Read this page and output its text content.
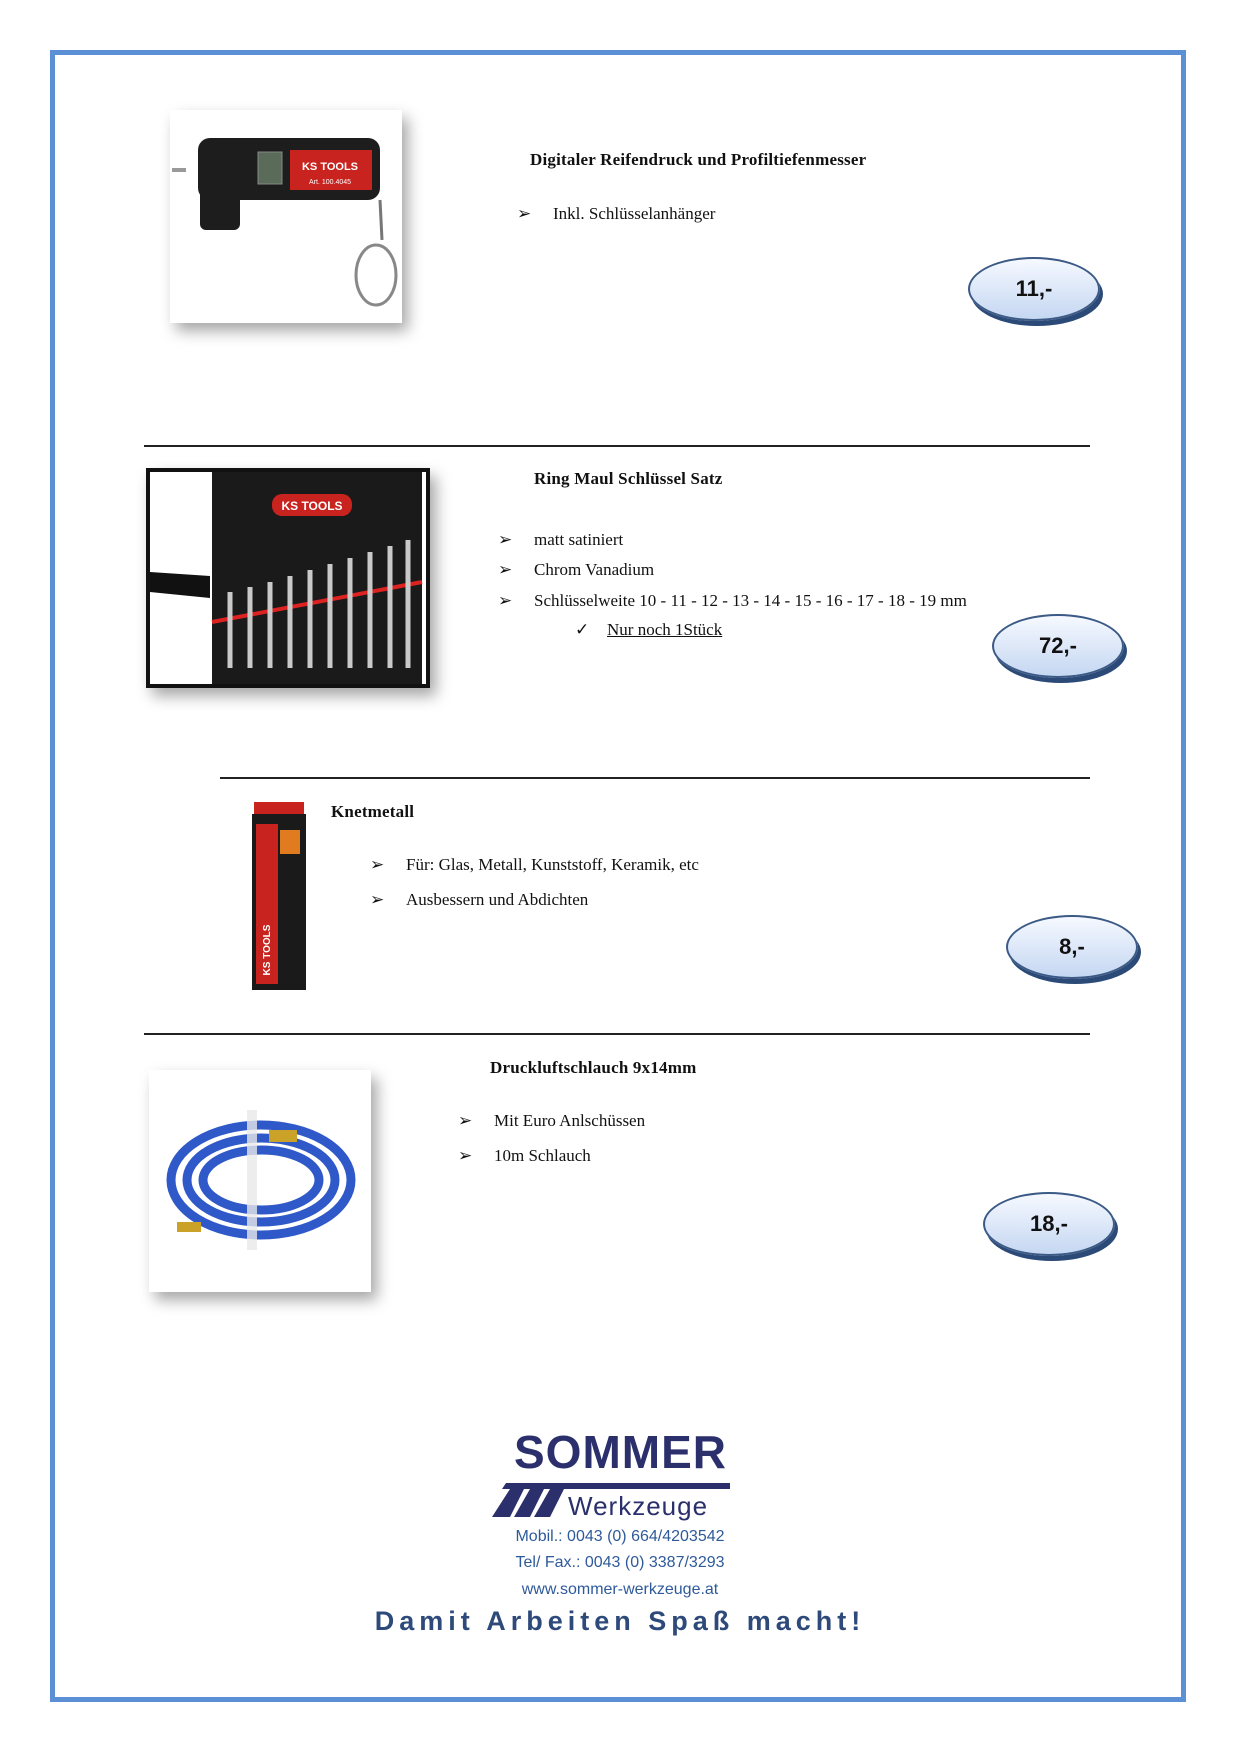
KS TOOLS
Art. 100.4045
Digitaler Reifendruck und Profiltiefenmesser
➢	Inkl. Schlüsselanhänger
11,-
KS TOOLS
Ring Maul Schlüssel Satz
➢	matt satiniert
➢	Chrom Vanadium
➢	Schlüsselweite 10 - 11 - 12 - 13 - 14 - 15 - 16 - 17 - 18 - 19 mm
✓	Nur noch 1Stück
72,-
KS TOOLS
Knetmetall
➢	Für: Glas, Metall, Kunststoff, Keramik, etc
➢	Ausbessern und Abdichten
8,-
Druckluftschlauch 9x14mm
➢	Mit Euro Anlschüssen
➢	10m Schlauch
18,-
SOMMER
Werkzeuge
Mobil.: 0043 (0) 664/4203542
Tel/ Fax.: 0043 (0) 3387/3293
www.sommer-werkzeuge.at
Damit Arbeiten Spaß macht!
